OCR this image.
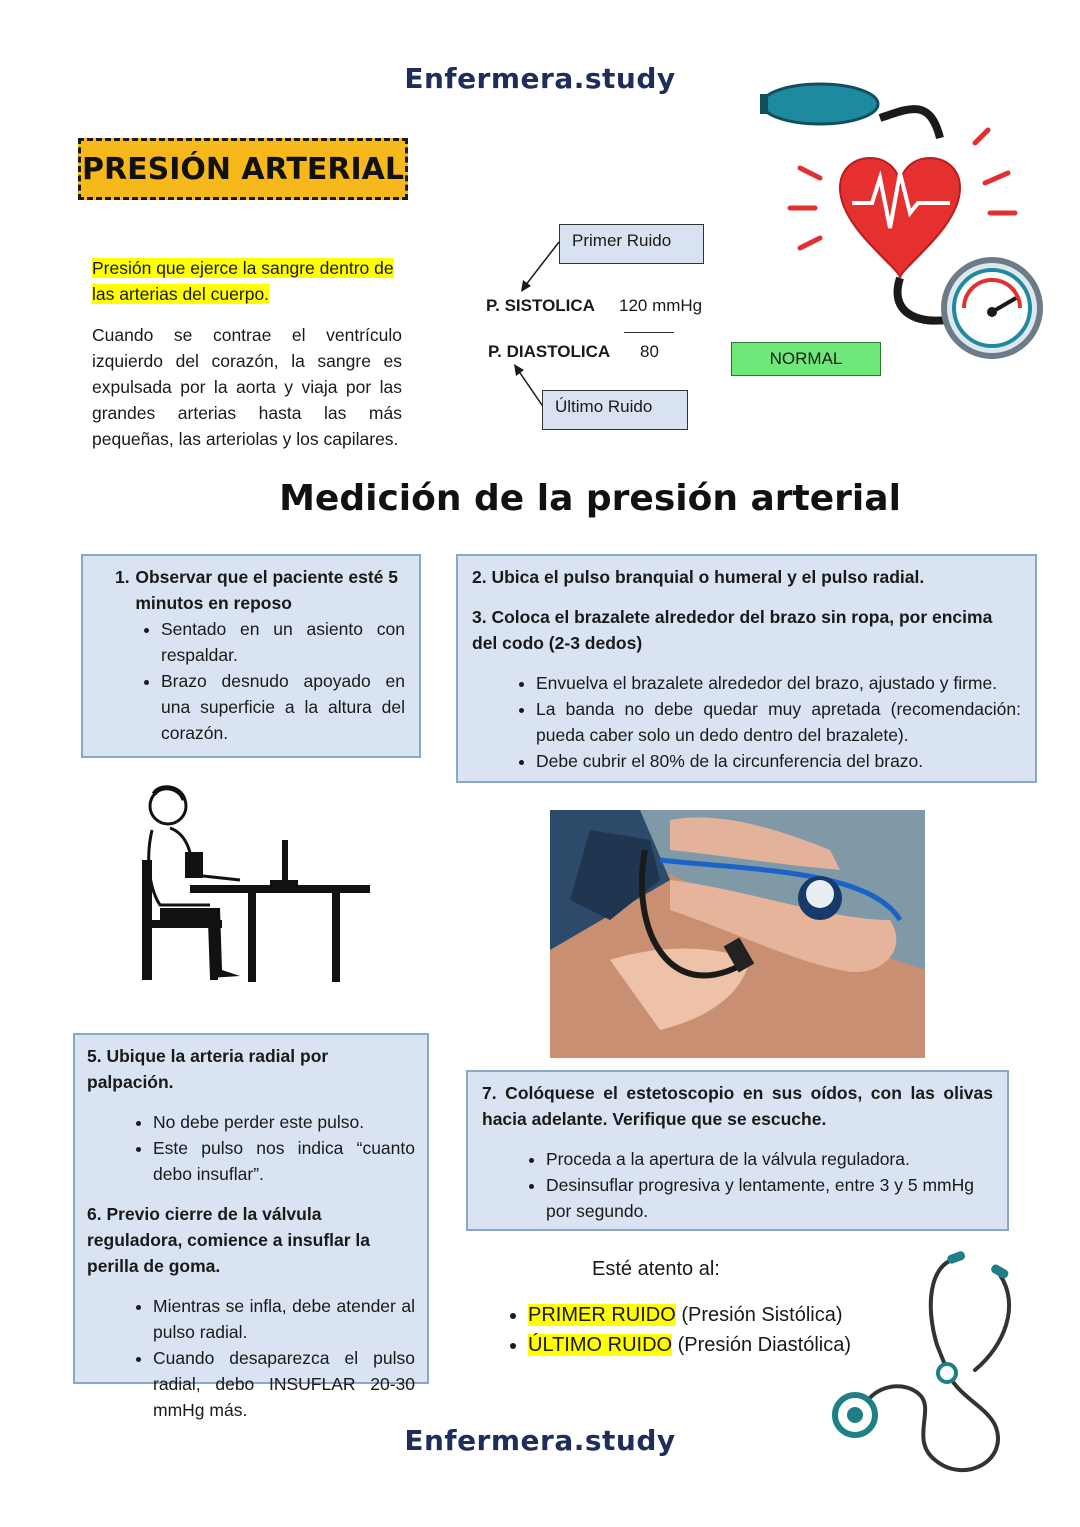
Enfermera.study
PRESIÓN ARTERIAL
Presión que ejerce la sangre dentro de las arterias del cuerpo.
Cuando se contrae el ventrículo izquierdo del corazón, la sangre es expulsada por la aorta y viaja por las grandes arterias hasta las más pequeñas, las arteriolas y los capilares.
Primer Ruido
P. SISTOLICA 120 mmHg
P. DIASTOLICA 80
Último Ruido
NORMAL
Medición de la presión arterial
1. Observar que el paciente esté 5 minutos en reposo
• Sentado en un asiento con respaldar.
• Brazo desnudo apoyado en una superficie a la altura del corazón.
2. Ubica el pulso branquial o humeral y el pulso radial.
3. Coloca el brazalete alrededor del brazo sin ropa, por encima del codo (2-3 dedos)
• Envuelva el brazalete alrededor del brazo, ajustado y firme.
• La banda no debe quedar muy apretada (recomendación: pueda caber solo un dedo dentro del brazalete).
• Debe cubrir el 80% de la circunferencia del brazo.
5. Ubique la arteria radial por palpación.
• No debe perder este pulso.
• Este pulso nos indica “cuanto debo insuflar”.
6. Previo cierre de la válvula reguladora, comience a insuflar la perilla de goma.
• Mientras se infla, debe atender al pulso radial.
• Cuando desaparezca el pulso radial, debo INSUFLAR 20-30 mmHg más.
7. Colóquese el estetoscopio en sus oídos, con las olivas hacia adelante. Verifique que se escuche.
• Proceda a la apertura de la válvula reguladora.
• Desinsuflar progresiva y lentamente, entre 3 y 5 mmHg por segundo.
Esté atento al:
• PRIMER RUIDO (Presión Sistólica)
• ÚLTIMO RUIDO (Presión Diastólica)
Enfermera.study
